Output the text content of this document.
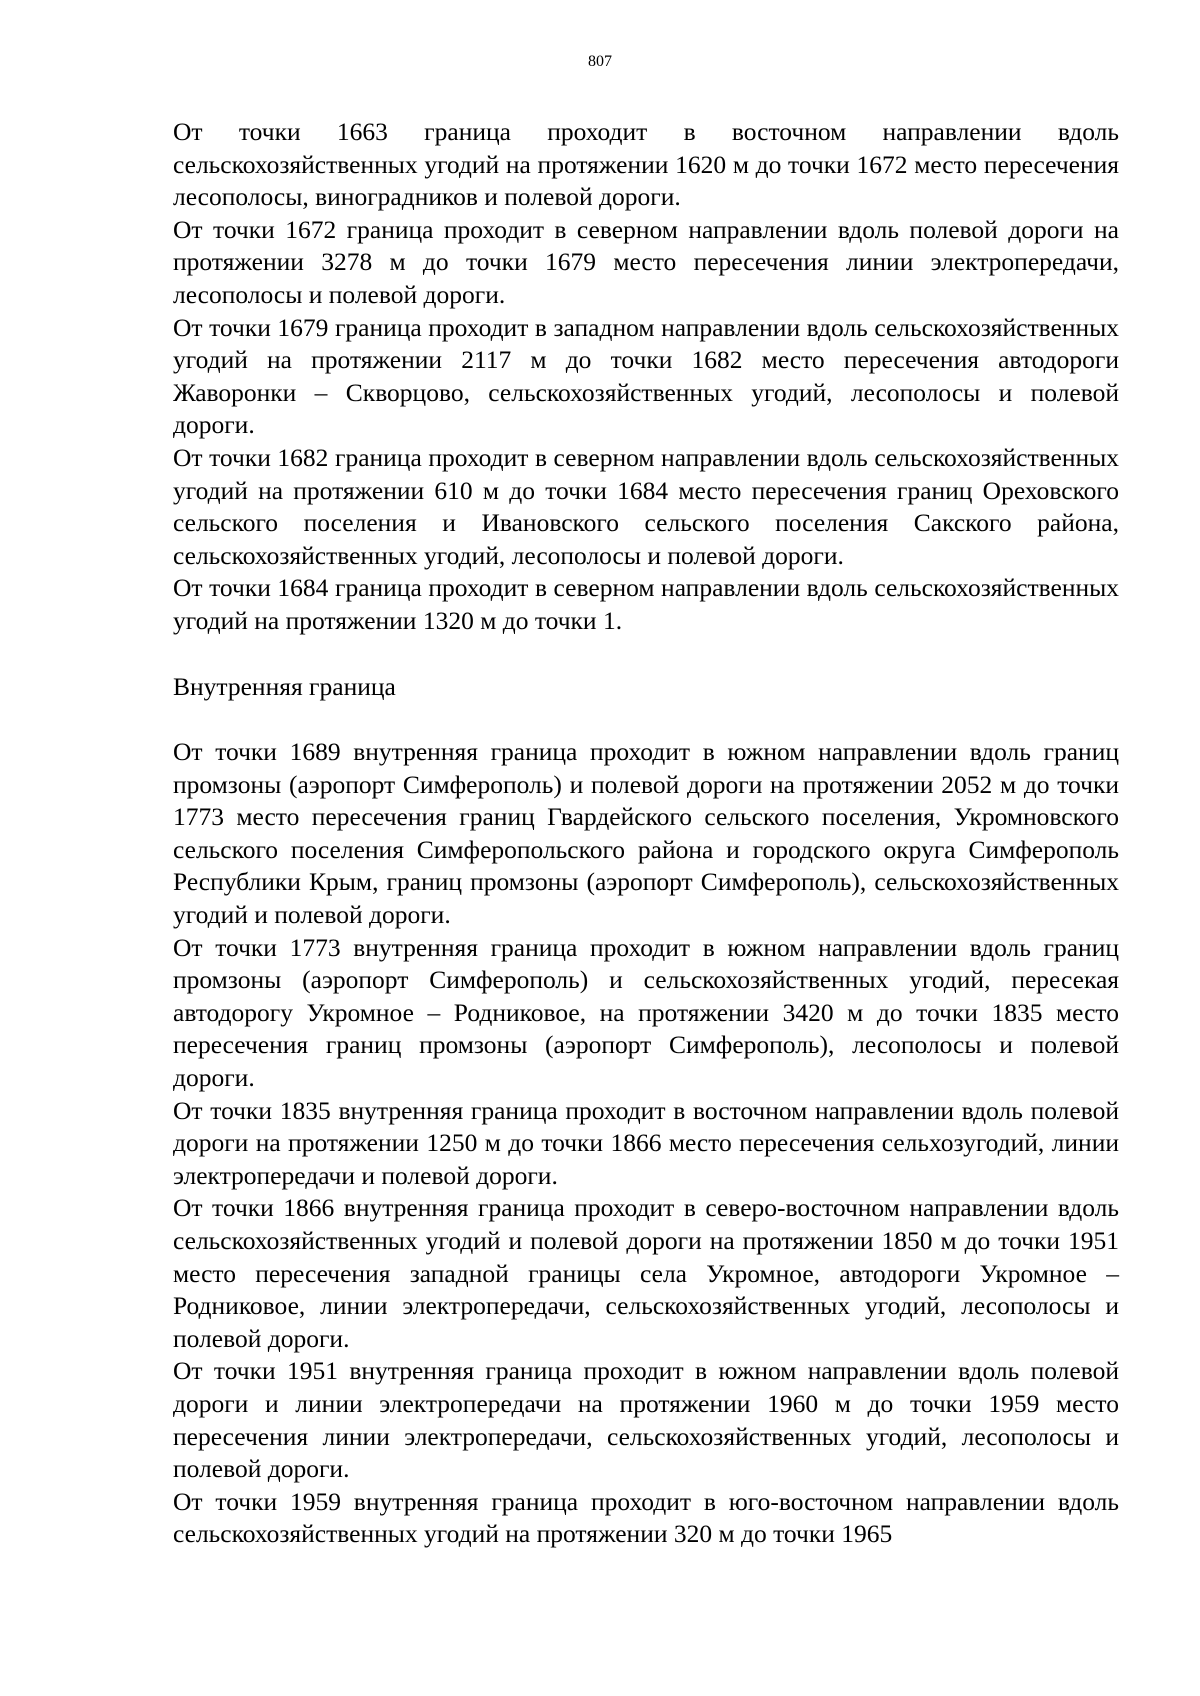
807

От точки 1663 граница проходит в восточном направлении вдоль сельскохозяйственных угодий на протяжении 1620 м до точки 1672 место пересечения лесополосы, виноградников и полевой дороги.

От точки 1672 граница проходит в северном направлении вдоль полевой дороги на протяжении 3278 м до точки 1679 место пересечения линии электропередачи, лесополосы и полевой дороги.

От точки 1679 граница проходит в западном направлении вдоль сельскохозяйственных угодий на протяжении 2117 м до точки 1682 место пересечения автодороги Жаворонки – Скворцово, сельскохозяйственных угодий, лесополосы и полевой дороги.

От точки 1682 граница проходит в северном направлении вдоль сельскохозяйственных угодий на протяжении 610 м до точки 1684 место пересечения границ Ореховского сельского поселения и Ивановского сельского поселения Сакского района, сельскохозяйственных угодий, лесополосы и полевой дороги.

От точки 1684 граница проходит в северном направлении вдоль сельскохозяйственных угодий на протяжении 1320 м до точки 1.

Внутренняя граница

От точки 1689 внутренняя граница проходит в южном направлении вдоль границ промзоны (аэропорт Симферополь) и полевой дороги на протяжении 2052 м до точки 1773 место пересечения границ Гвардейского сельского поселения, Укромновского сельского поселения Симферопольского района и городского округа Симферополь Республики Крым, границ промзоны (аэропорт Симферополь), сельскохозяйственных угодий и полевой дороги.

От точки 1773 внутренняя граница проходит в южном направлении вдоль границ промзоны (аэропорт Симферополь) и сельскохозяйственных угодий, пересекая автодорогу Укромное – Родниковое, на протяжении 3420 м до точки 1835 место пересечения границ промзоны (аэропорт Симферополь), лесополосы и полевой дороги.

От точки 1835 внутренняя граница проходит в восточном направлении вдоль полевой дороги на протяжении 1250 м до точки 1866 место пересечения сельхозугодий, линии электропередачи и полевой дороги.

От точки 1866 внутренняя граница проходит в северо-восточном направлении вдоль сельскохозяйственных угодий и полевой дороги на протяжении 1850 м до точки 1951 место пересечения западной границы села Укромное, автодороги Укромное – Родниковое, линии электропередачи, сельскохозяйственных угодий, лесополосы и полевой дороги.

От точки 1951 внутренняя граница проходит в южном направлении вдоль полевой дороги и линии электропередачи на протяжении 1960 м до точки 1959 место пересечения линии электропередачи, сельскохозяйственных угодий, лесополосы и полевой дороги.

От точки 1959 внутренняя граница проходит в юго-восточном направлении вдоль сельскохозяйственных угодий на протяжении 320 м до точки 1965
